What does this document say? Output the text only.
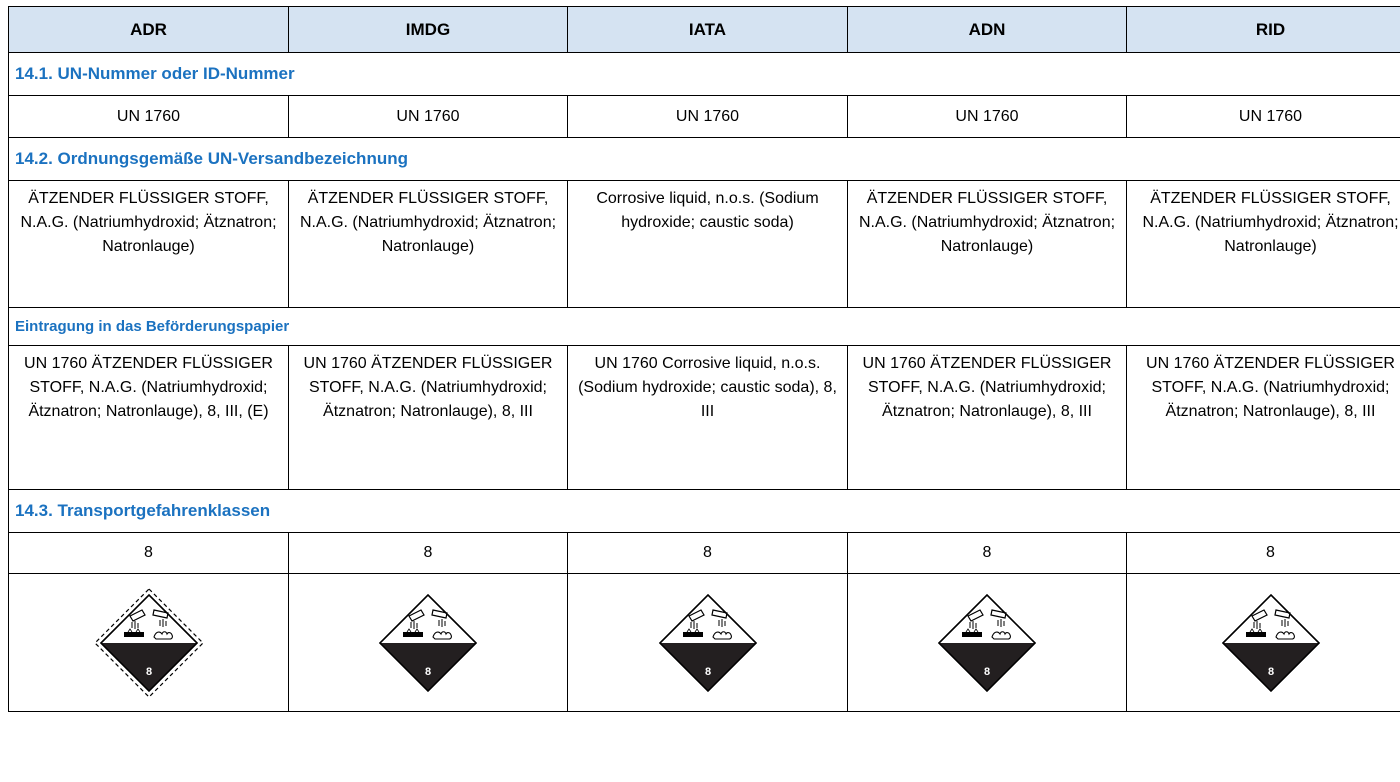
ADR	IMDG	IATA	ADN	RID
14.1. UN-Nummer oder ID-Nummer				
UN 1760	UN 1760	UN 1760	UN 1760	UN 1760
14.2. Ordnungsgemäße UN-Versandbezeichnung				
ÄTZENDER FLÜSSIGER STOFF, N.A.G. (Natriumhydroxid; Ätznatron; Natronlauge)	ÄTZENDER FLÜSSIGER STOFF, N.A.G. (Natriumhydroxid; Ätznatron; Natronlauge)	Corrosive liquid, n.o.s. (Sodium hydroxide; caustic soda)	ÄTZENDER FLÜSSIGER STOFF, N.A.G. (Natriumhydroxid; Ätznatron; Natronlauge)	ÄTZENDER FLÜSSIGER STOFF, N.A.G. (Natriumhydroxid; Ätznatron; Natronlauge)
Eintragung in das Beförderungspapier				
UN 1760 ÄTZENDER FLÜSSIGER STOFF, N.A.G. (Natriumhydroxid; Ätznatron; Natronlauge), 8, III, (E)	UN 1760 ÄTZENDER FLÜSSIGER STOFF, N.A.G. (Natriumhydroxid; Ätznatron; Natronlauge), 8, III	UN 1760 Corrosive liquid, n.o.s. (Sodium hydroxide; caustic soda), 8, III	UN 1760 ÄTZENDER FLÜSSIGER STOFF, N.A.G. (Natriumhydroxid; Ätznatron; Natronlauge), 8, III	UN 1760 ÄTZENDER FLÜSSIGER STOFF, N.A.G. (Natriumhydroxid; Ätznatron; Natronlauge), 8, III
14.3. Transportgefahrenklassen				
8	8	8	8	8

8	8	8	8	8
